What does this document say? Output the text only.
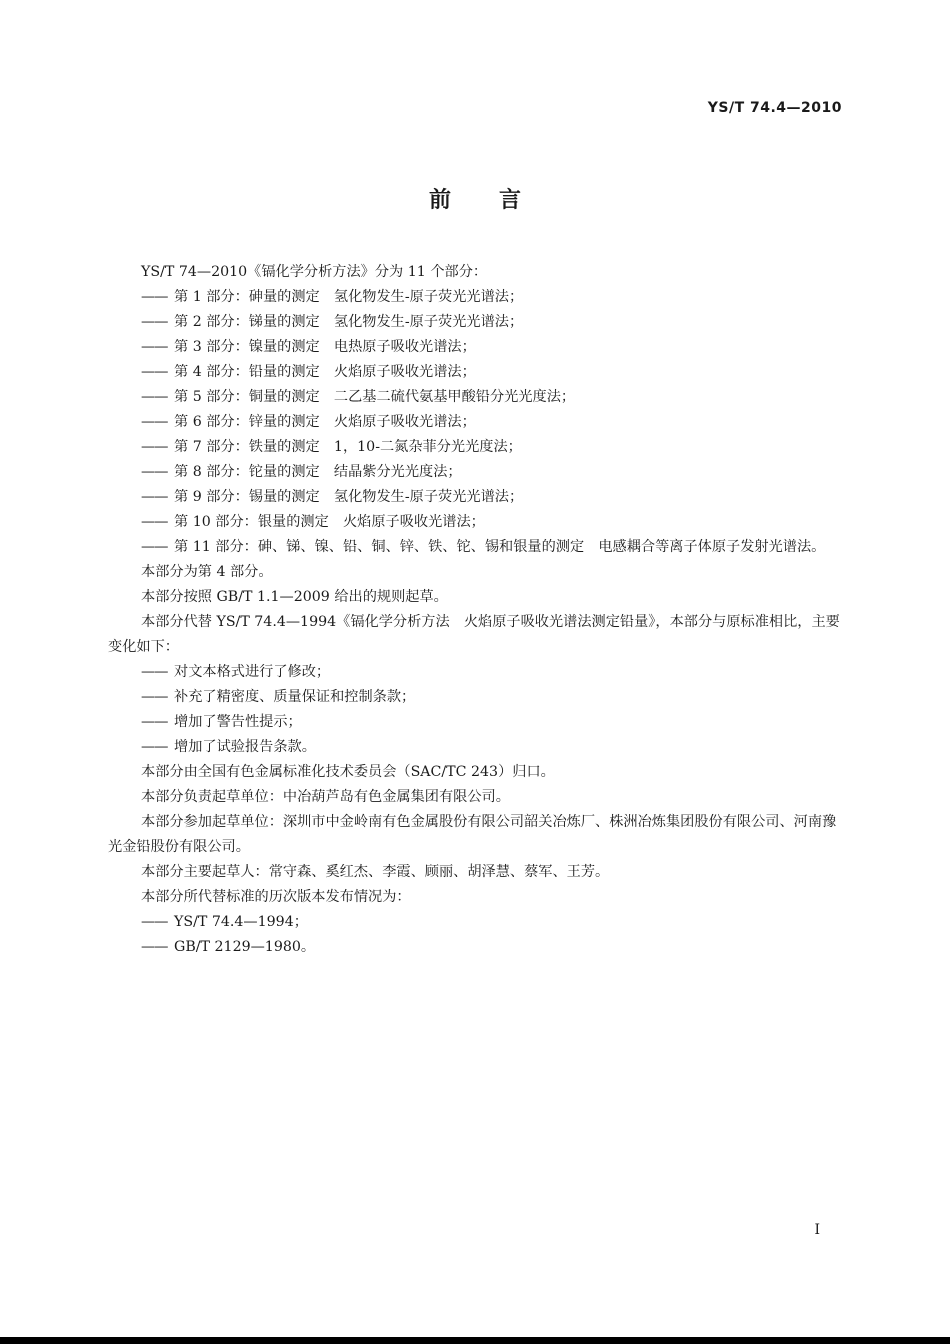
YS/T 74.4—2010
前言

YS/T 74—2010《镉化学分析方法》分为 11 个部分：

—— 第 1 部分：砷量的测定　氢化物发生-原子荧光光谱法；

—— 第 2 部分：锑量的测定　氢化物发生-原子荧光光谱法；

—— 第 3 部分：镍量的测定　电热原子吸收光谱法；

—— 第 4 部分：铅量的测定　火焰原子吸收光谱法；

—— 第 5 部分：铜量的测定　二乙基二硫代氨基甲酸铅分光光度法；

—— 第 6 部分：锌量的测定　火焰原子吸收光谱法；

—— 第 7 部分：铁量的测定　1，10-二氮杂菲分光光度法；

—— 第 8 部分：铊量的测定　结晶紫分光光度法；

—— 第 9 部分：锡量的测定　氢化物发生-原子荧光光谱法；

—— 第 10 部分：银量的测定　火焰原子吸收光谱法；

—— 第 11 部分：砷、锑、镍、铅、铜、锌、铁、铊、锡和银量的测定　电感耦合等离子体原子发射光谱法。

本部分为第 4 部分。

本部分按照 GB/T 1.1—2009 给出的规则起草。

本部分代替 YS/T 74.4—1994《镉化学分析方法　火焰原子吸收光谱法测定铅量》，本部分与原标准相比，主要变化如下：

—— 对文本格式进行了修改；

—— 补充了精密度、质量保证和控制条款；

—— 增加了警告性提示；

—— 增加了试验报告条款。

本部分由全国有色金属标准化技术委员会（SAC/TC 243）归口。

本部分负责起草单位：中冶葫芦岛有色金属集团有限公司。

本部分参加起草单位：深圳市中金岭南有色金属股份有限公司韶关冶炼厂、株洲冶炼集团股份有限公司、河南豫光金铅股份有限公司。

本部分主要起草人：常守森、奚红杰、李霞、顾丽、胡泽慧、蔡军、王芳。

本部分所代替标准的历次版本发布情况为：

—— YS/T 74.4—1994；

—— GB/T 2129—1980。

I
